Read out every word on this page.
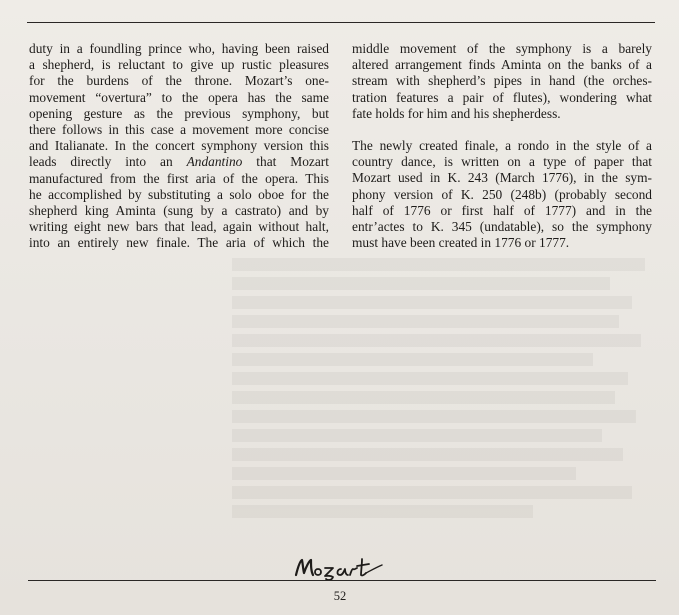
duty in a foundling prince who, having been raised
a shepherd, is reluctant to give up rustic pleasures
for the burdens of the throne. Mozart’s one-
movement “overtura” to the opera has the same
opening gesture as the previous symphony, but
there follows in this case a movement more concise
and Italianate. In the concert symphony version this
leads directly into an Andantino that Mozart
manufactured from the first aria of the opera. This
he accomplished by substituting a solo oboe for the
shepherd king Aminta (sung by a castrato) and by
writing eight new bars that lead, again without halt,
into an entirely new finale. The aria of which the
middle movement of the symphony is a barely
altered arrangement finds Aminta on the banks of a
stream with shepherd’s pipes in hand (the orches-
tration features a pair of flutes), wondering what
fate holds for him and his shepherdess.
The newly created finale, a rondo in the style of a
country dance, is written on a type of paper that
Mozart used in K. 243 (March 1776), in the sym-
phony version of K. 250 (248b) (probably second
half of 1776 or first half of 1777) and in the
entr’actes to K. 345 (undatable), so the symphony
must have been created in 1776 or 1777.
52
